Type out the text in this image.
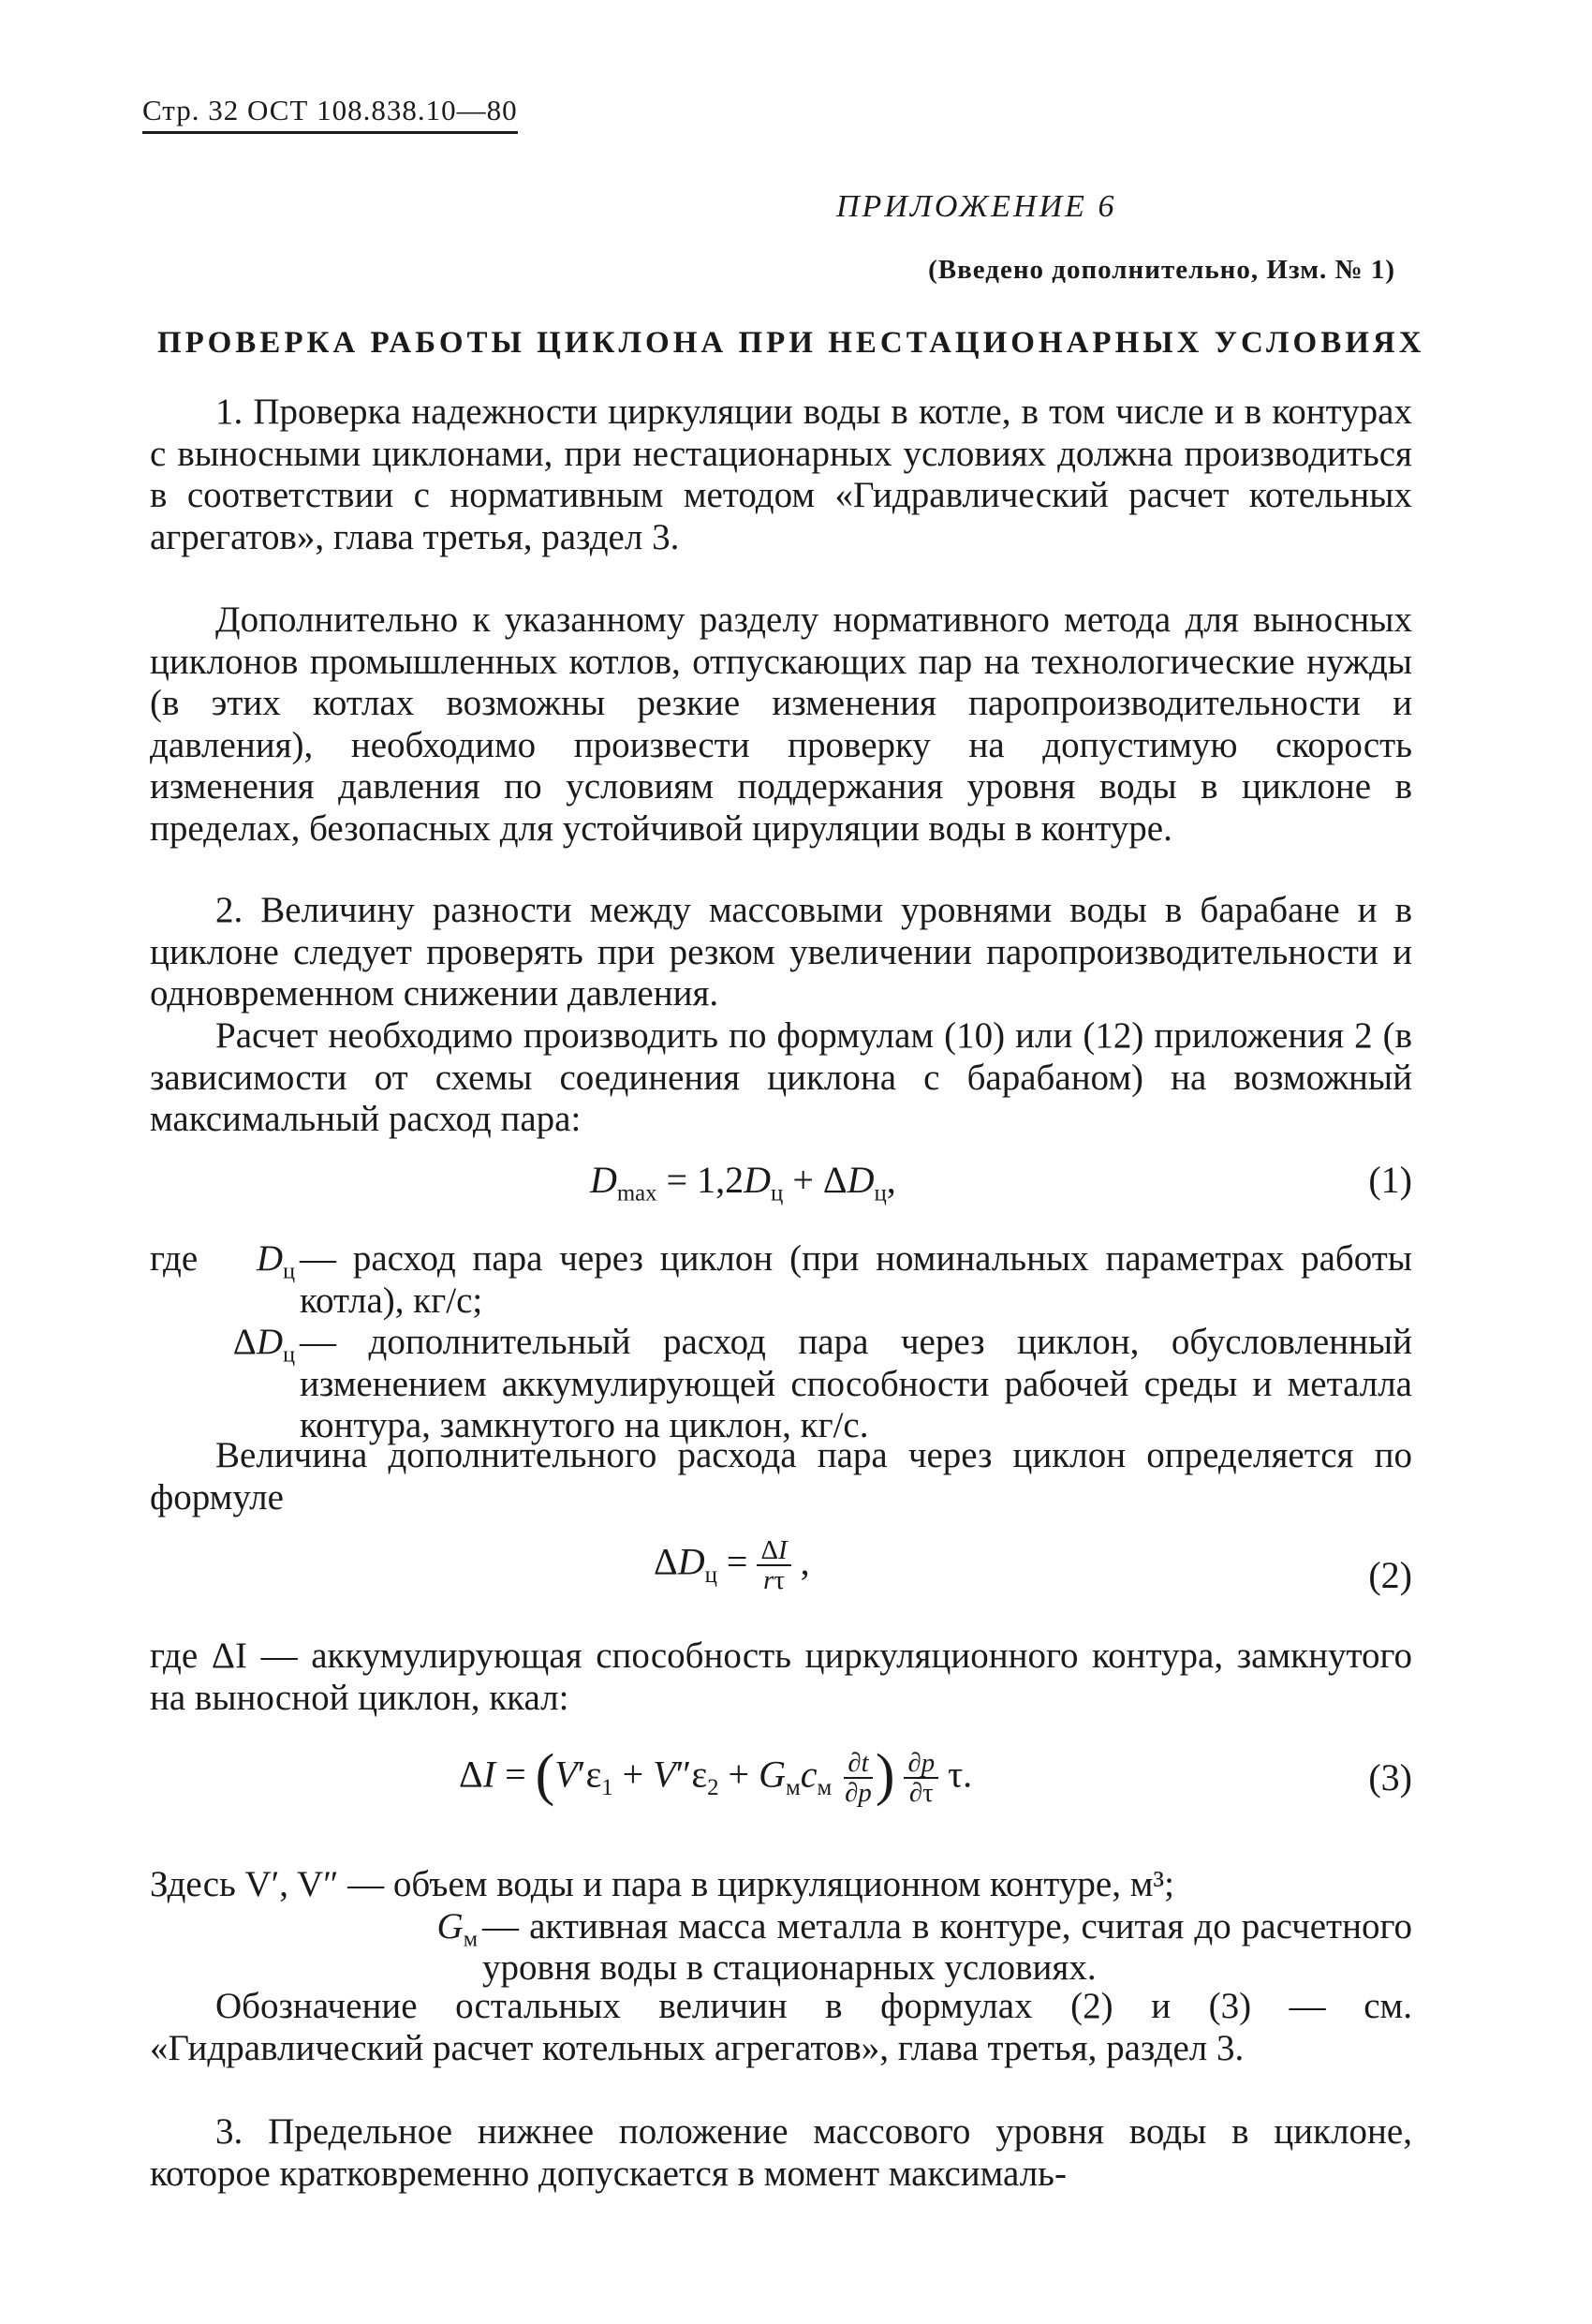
Стр. 32 ОСТ 108.838.10—80
ПРИЛОЖЕНИЕ 6
(Введено дополнительно, Изм. № 1)
ПРОВЕРКА РАБОТЫ ЦИКЛОНА ПРИ НЕСТАЦИОНАРНЫХ УСЛОВИЯХ
1. Проверка надежности циркуляции воды в котле, в том числе и в контурах с выносными циклонами, при нестационарных условиях должна производиться в соответствии с нормативным методом «Гидравлический расчет котельных агрегатов», глава третья, раздел 3.
Дополнительно к указанному разделу нормативного метода для выносных циклонов промышленных котлов, отпускающих пар на технологические нужды (в этих котлах возможны резкие изменения паропроизводительности и давления), необходимо произвести проверку на допустимую скорость изменения давления по условиям поддержания уровня воды в циклоне в пределах, безопасных для устойчивой цируляции воды в контуре.
2. Величину разности между массовыми уровнями воды в барабане и в циклоне следует проверять при резком увеличении паропроизводительности и одновременном снижении давления.
Расчет необходимо производить по формулам (10) или (12) приложения 2 (в зависимости от схемы соединения циклона с барабаном) на возможный максимальный расход пара:
$D_{max} = 1,2D_ц + \Delta D_ц$,	(1)
где	$D_ц$ — расход пара через циклон (при номинальных параметрах работы котла), кг/с;
$\Delta D_ц$ — дополнительный расход пара через циклон, обусловленный изменением аккумулирующей способности рабочей среды и металла контура, замкнутого на циклон, кг/с.
Величина дополнительного расхода пара через циклон определяется по формуле
$\Delta D_ц = \frac{\Delta I}{r\tau}$ ,	(2)
где ΔI — аккумулирующая способность циркуляционного контура, замкнутого на выносной циклон, ккал:
$\Delta I = (V'\varepsilon_1 + V''\varepsilon_2 + G_мc_м \frac{\partial t}{\partial p}$ ) $\frac{\partial p}{\partial\tau} \tau$.	(3)
Здесь V′, V″ — объем воды и пара в циркуляционном контуре, м³;
$G_м$ — активная масса металла в контуре, считая до расчетного уровня воды в стационарных условиях.
Обозначение остальных величин в формулах (2) и (3) — см. «Гидравлический расчет котельных агрегатов», глава третья, раздел 3.
3. Предельное нижнее положение массового уровня воды в циклоне, которое кратковременно допускается в момент максималь-
